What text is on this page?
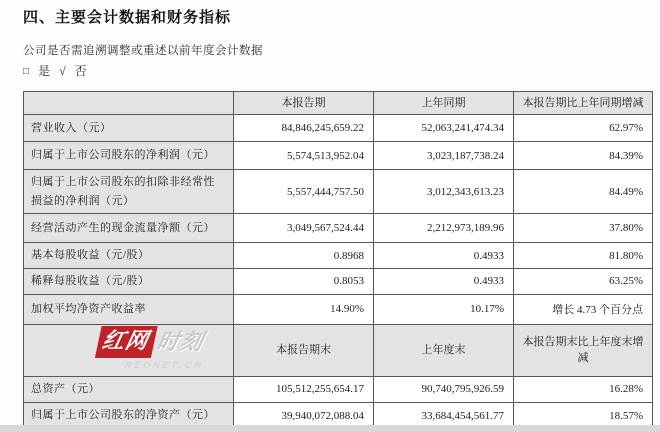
四、主要会计数据和财务指标
公司是否需追溯调整或重述以前年度会计数据
□ 是 √ 否
	本报告期	上年同期	本报告期比上年同期增减
营业收入（元）	84,846,245,659.22	52,063,241,474.34	62.97%
归属于上市公司股东的净利润（元）	5,574,513,952.04	3,023,187,738.24	84.39%
归属于上市公司股东的扣除非经常性损益的净利润（元）	5,557,444,757.50	3,012,343,613.23	84.49%
经营活动产生的现金流量净额（元）	3,049,567,524.44	2,212,973,189.96	37.80%
基本每股收益（元/股）	0.8968	0.4933	81.80%
稀释每股收益（元/股）	0.8053	0.4933	63.25%
加权平均净资产收益率	14.90%	10.17%	增长 4.73 个百分点
	本报告期末	上年度末	本报告期末比上年度末增减
总资产（元）	105,512,255,654.17	90,740,795,926.59	16.28%
归属于上市公司股东的净资产（元）	39,940,072,088.04	33,684,454,561.77	18.57%
红网 时刻
REDNET.CN
